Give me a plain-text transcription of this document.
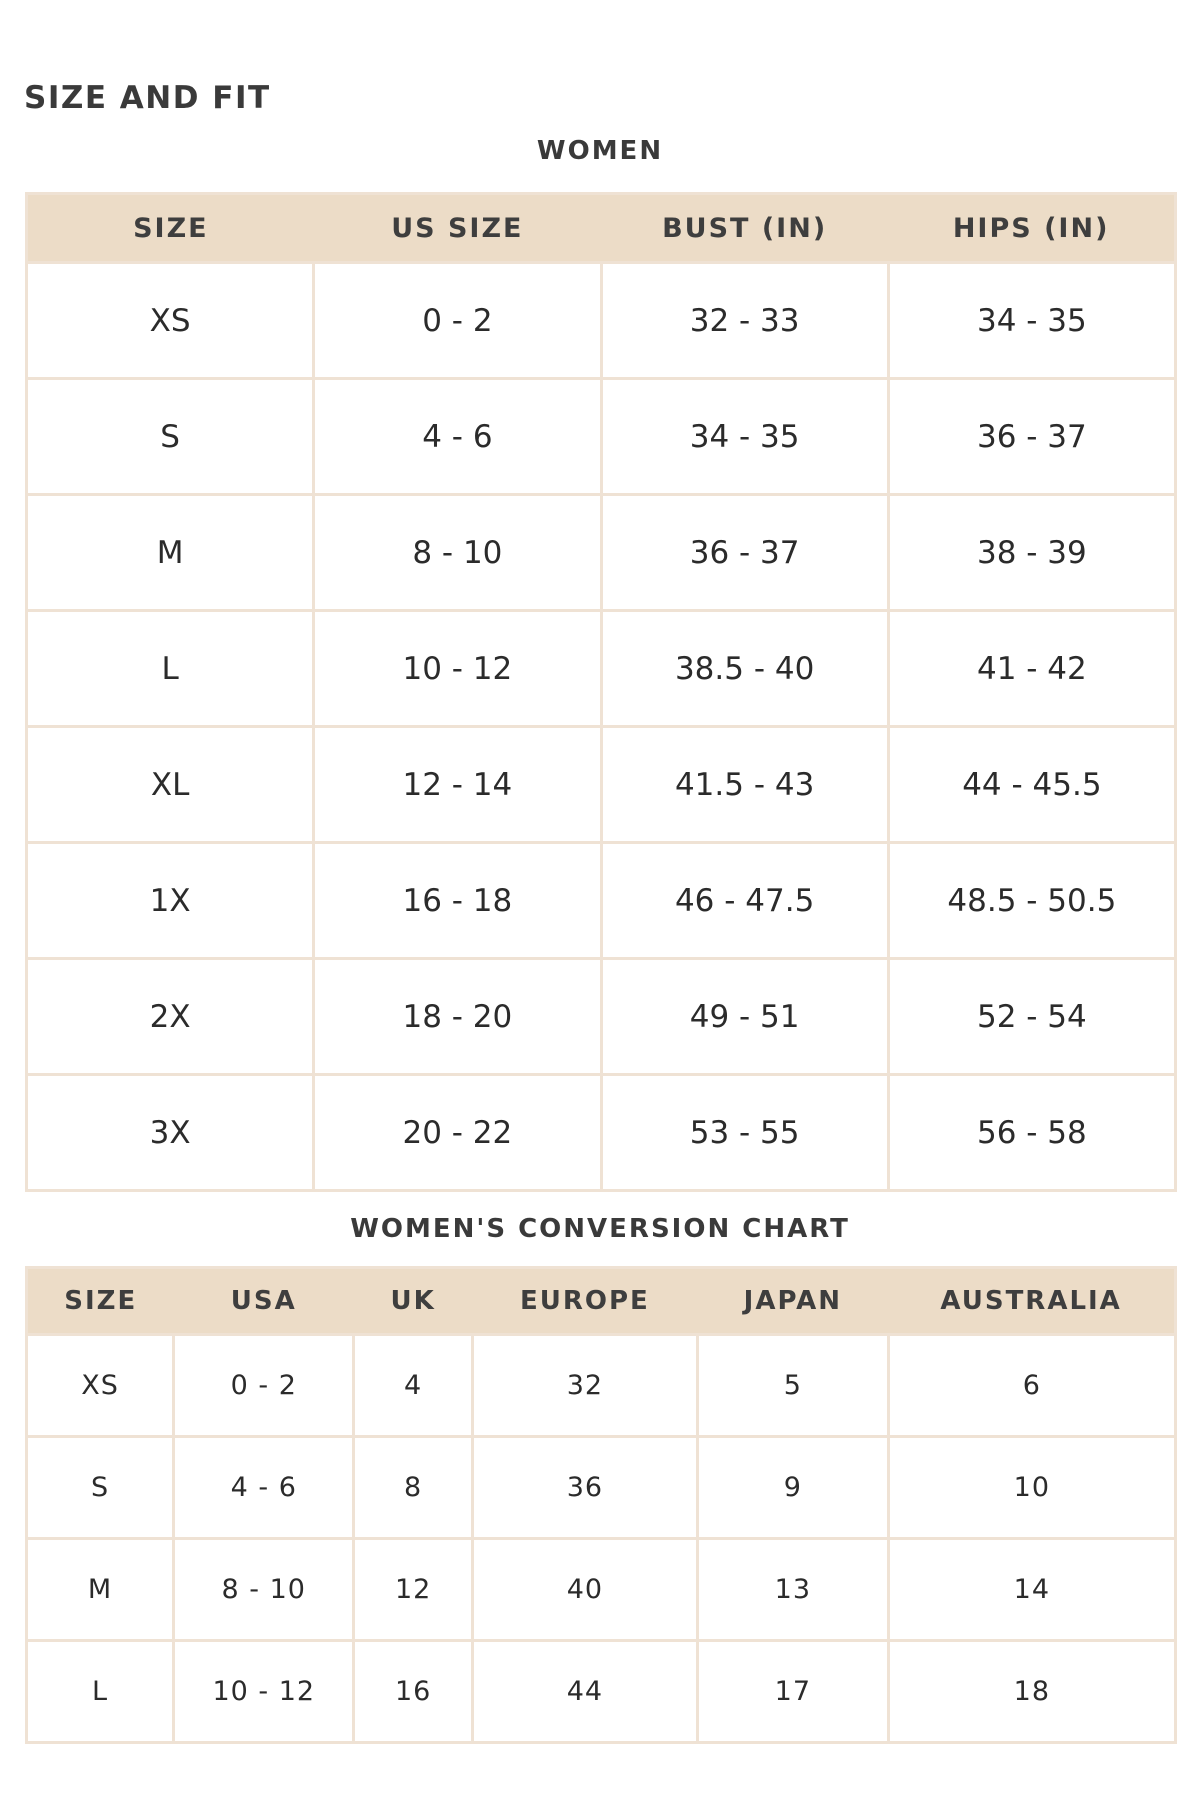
SIZE AND FIT
WOMEN
SIZE	US SIZE	BUST (IN)	HIPS (IN)
XS	0 - 2	32 - 33	34 - 35
S	4 - 6	34 - 35	36 - 37
M	8 - 10	36 - 37	38 - 39
L	10 - 12	38.5 - 40	41 - 42
XL	12 - 14	41.5 - 43	44 - 45.5
1X	16 - 18	46 - 47.5	48.5 - 50.5
2X	18 - 20	49 - 51	52 - 54
3X	20 - 22	53 - 55	56 - 58
WOMEN'S CONVERSION CHART
SIZE	USA	UK	EUROPE	JAPAN	AUSTRALIA
XS	0 - 2	4	32	5	6
S	4 - 6	8	36	9	10
M	8 - 10	12	40	13	14
L	10 - 12	16	44	17	18
